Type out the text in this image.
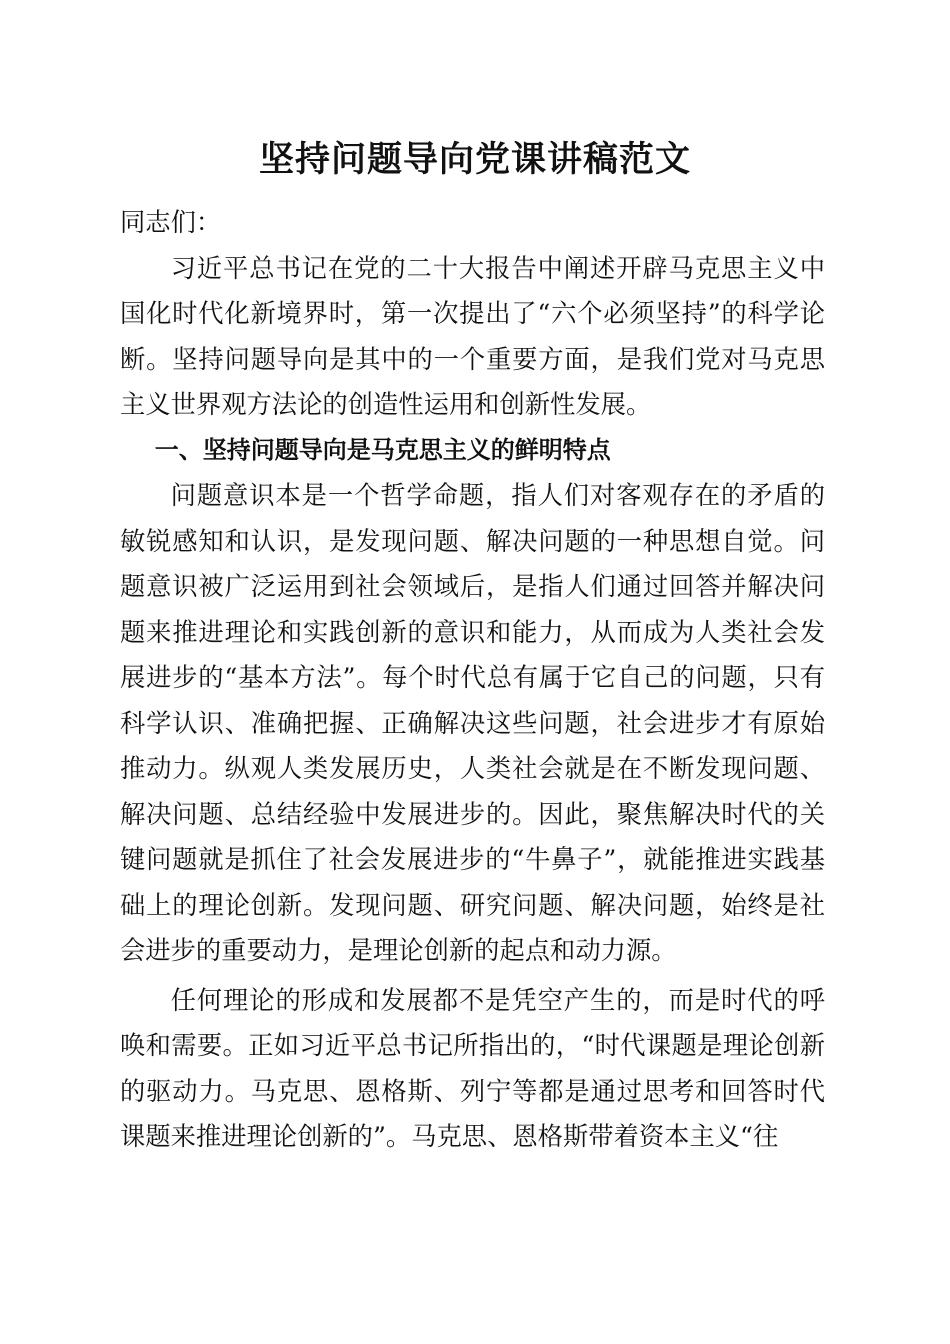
坚持问题导向党课讲稿范文

同志们：

习近平总书记在党的二十大报告中阐述开辟马克思主义中国化时代化新境界时，第一次提出了“六个必须坚持”的科学论断。坚持问题导向是其中的一个重要方面，是我们党对马克思主义世界观方法论的创造性运用和创新性发展。

一、坚持问题导向是马克思主义的鲜明特点

问题意识本是一个哲学命题，指人们对客观存在的矛盾的敏锐感知和认识，是发现问题、解决问题的一种思想自觉。问题意识被广泛运用到社会领域后，是指人们通过回答并解决问题来推进理论和实践创新的意识和能力，从而成为人类社会发展进步的“基本方法”。每个时代总有属于它自己的问题，只有科学认识、准确把握、正确解决这些问题，社会进步才有原始推动力。纵观人类发展历史，人类社会就是在不断发现问题、解决问题、总结经验中发展进步的。因此，聚焦解决时代的关键问题就是抓住了社会发展进步的“牛鼻子”，就能推进实践基础上的理论创新。发现问题、研究问题、解决问题，始终是社会进步的重要动力，是理论创新的起点和动力源。

任何理论的形成和发展都不是凭空产生的，而是时代的呼唤和需要。正如习近平总书记所指出的，“时代课题是理论创新的驱动力。马克思、恩格斯、列宁等都是通过思考和回答时代课题来推进理论创新的”。马克思、恩格斯带着资本主义“往
